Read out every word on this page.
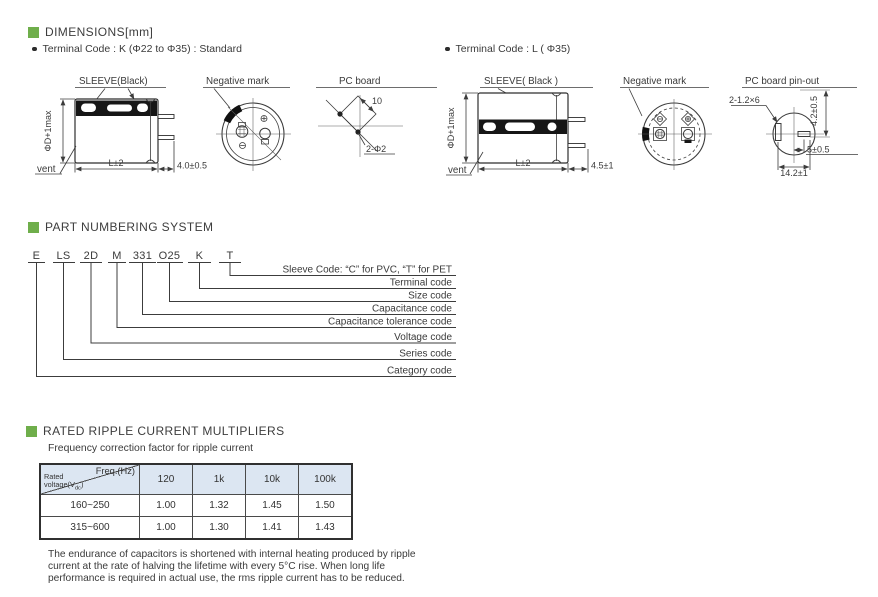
DIMENSIONS[mm]
Terminal Code : K (Φ22 to Φ35) : Standard	Terminal Code : L ( Φ35)
SLEEVE(Black)
ΦD+1max
L±2	4.0±0.5
vent
Negative mark	PC board
10
2-Φ2
SLEEVE( Black )
ΦD+1max
L±2	4.5±1
vent
Negative mark	PC board pin-out
2-1.2×6	4.2±0.5
5±0.5
14.2±1
PART NUMBERING SYSTEM
E LS 2D M 331 O25 K T
Sleeve Code: “C” for PVC, “T” for PET
Terminal code
Size code
Capacitance code
Capacitance tolerance code
Voltage code
Series code
Category code
RATED RIPPLE CURRENT MULTIPLIERS
Frequency correction factor for ripple current
Freq.(Hz)
Rated
$voltage(V_{dc})$	120	1k	10k	100k
160~250	1.00	1.32	1.45	1.50
315~600	1.00	1.30	1.41	1.43
The endurance of capacitors is shortened with internal heating produced by ripple
current at the rate of halving the lifetime with every 5°C rise. When long life
performance is required in actual use, the rms ripple current has to be reduced.
